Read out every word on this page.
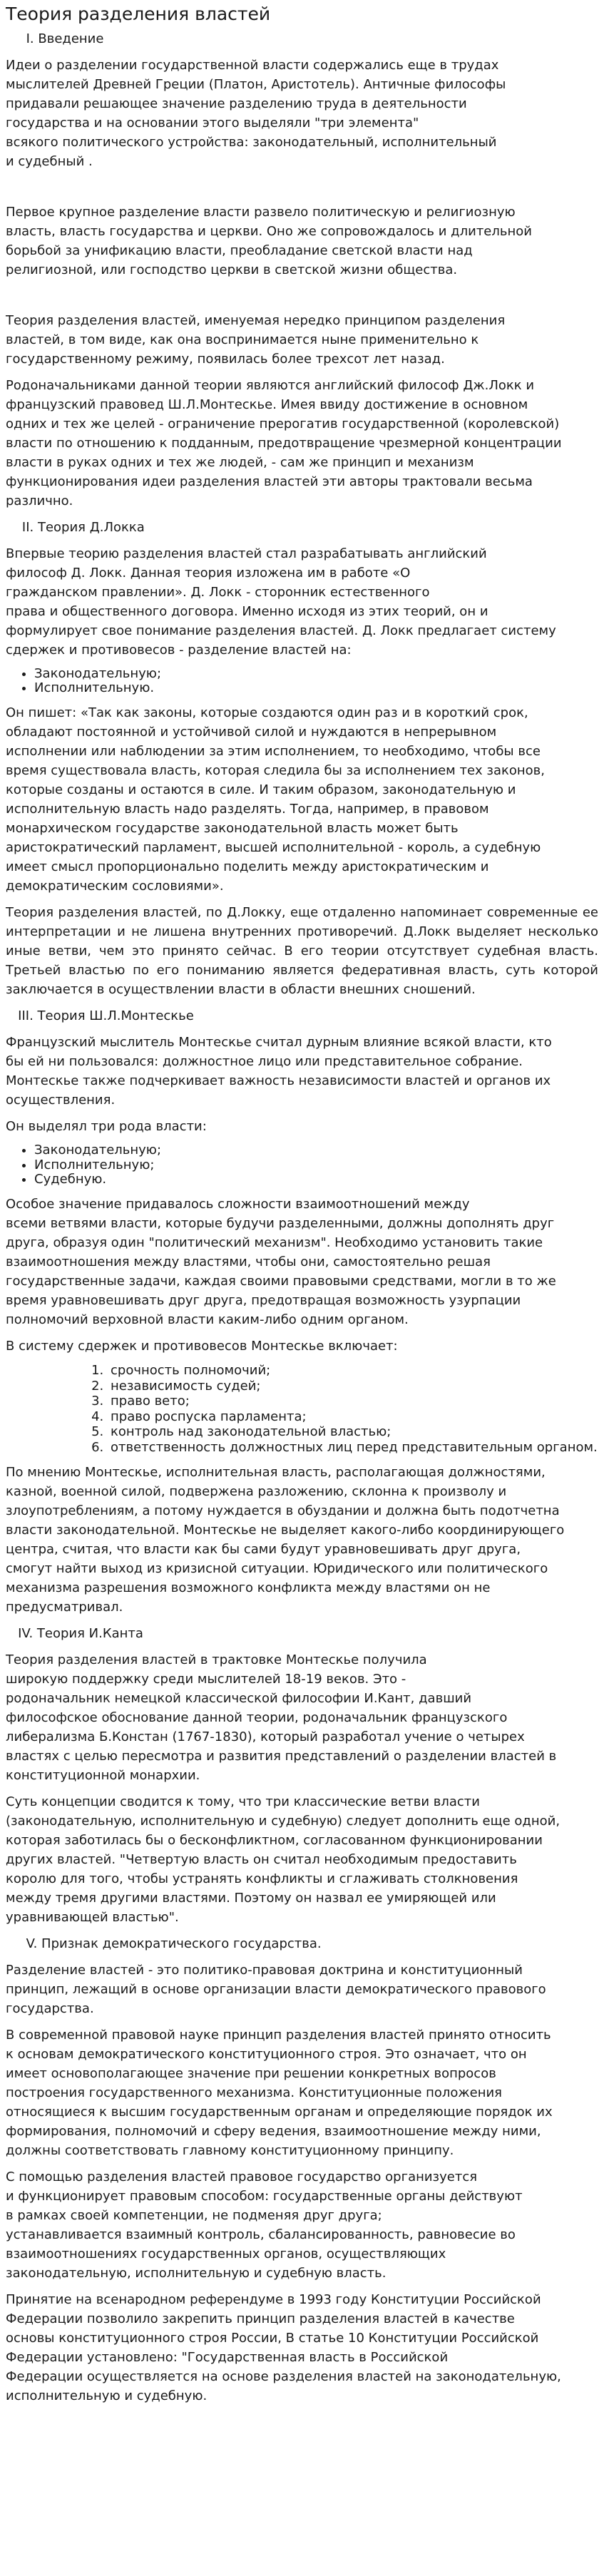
Теория разделения властей
I. Введение

Идеи о разделении государственной власти содержались еще в трудах
мыслителей Древней Греции (Платон, Аристотель). Античные философы
придавали решающее значение разделению труда в деятельности
государства и на основании этого выделяли "три элемента"
всякого политического устройства: законодательный, исполнительный
и судебный .

Первое крупное разделение власти развело политическую и религиозную
власть, власть государства и церкви. Оно же сопровождалось и длительной
борьбой за унификацию власти, преобладание светской власти над
религиозной, или господство церкви в светской жизни общества.

Теория разделения властей, именуемая нередко принципом разделения
властей, в том виде, как она воспринимается ныне применительно к
государственному режиму, появилась более трехсот лет назад.

Родоначальниками данной теории являются английский философ Дж.Локк и
французский правовед Ш.Л.Монтескье. Имея ввиду достижение в основном
одних и тех же целей - ограничение прерогатив государственной (королевской)
власти по отношению к подданным, предотвращение чрезмерной концентрации
власти в руках одних и тех же людей, - сам же принцип и механизм
функционирования идеи разделения властей эти авторы трактовали весьма
различно.

II. Теория Д.Локка

Впервые теорию разделения властей стал разрабатывать английский
философ Д. Локк. Данная теория изложена им в работе «О
гражданском правлении». Д. Локк - сторонник естественного
права и общественного договора. Именно исходя из этих теорий, он и
формулирует свое понимание разделения властей. Д. Локк предлагает систему
сдержек и противовесов - разделение властей на:

• Законодательную;
• Исполнительную.

Он пишет: «Так как законы, которые создаются один раз и в короткий срок,
обладают постоянной и устойчивой силой и нуждаются в непрерывном
исполнении или наблюдении за этим исполнением, то необходимо, чтобы все
время существовала власть, которая следила бы за исполнением тех законов,
которые созданы и остаются в силе. И таким образом, законодательную и
исполнительную власть надо разделять. Тогда, например, в правовом
монархическом государстве законодательной власть может быть
аристократический парламент, высшей исполнительной - король, а судебную
имеет смысл пропорционально поделить между аристократическим и
демократическим сословиями».

Теория разделения властей, по Д.Локку, еще отдаленно напоминает современные ее интерпретации и не лишена внутренних противоречий. Д.Локк выделяет несколько иные ветви, чем это принято сейчас. В его теории отсутствует судебная власть. Третьей властью по его пониманию является федеративная власть, суть которой заключается в осуществлении власти в области внешних сношений.

III. Теория Ш.Л.Монтескье

Французский мыслитель Монтескье считал дурным влияние всякой власти, кто
бы ей ни пользовался: должностное лицо или представительное собрание.
Монтескье также подчеркивает важность независимости властей и органов их
осуществления.

Он выделял три рода власти:

• Законодательную;
• Исполнительную;
• Судебную.

Особое значение придавалось сложности взаимоотношений между
всеми ветвями власти, которые будучи разделенными, должны дополнять друг
друга, образуя один "политический механизм". Необходимо установить такие
взаимоотношения между властями, чтобы они, самостоятельно решая
государственные задачи, каждая своими правовыми средствами, могли в то же
время уравновешивать друг друга, предотвращая возможность узурпации
полномочий верховной власти каким-либо одним органом.

В систему сдержек и противовесов Монтескье включает:

1. срочность полномочий;
2. независимость судей;
3. право вето;
4. право роспуска парламента;
5. контроль над законодательной властью;
6. ответственность должностных лиц перед представительным органом.

По мнению Монтескье, исполнительная власть, располагающая должностями,
казной, военной силой, подвержена разложению, склонна к произволу и
злоупотреблениям, а потому нуждается в обуздании и должна быть подотчетна
власти законодательной. Монтескье не выделяет какого-либо координирующего
центра, считая, что власти как бы сами будут уравновешивать друг друга,
смогут найти выход из кризисной ситуации. Юридического или политического
механизма разрешения возможного конфликта между властями он не
предусматривал.

IV. Теория И.Канта

Теория разделения властей в трактовке Монтескье получила
широкую поддержку среди мыслителей 18-19 веков. Это -
родоначальник немецкой классической философии И.Кант, давший
философское обоснование данной теории, родоначальник французского
либерализма Б.Констан (1767-1830), который разработал учение о четырех
властях с целью пересмотра и развития представлений о разделении властей в
конституционной монархии.

Суть концепции сводится к тому, что три классические ветви власти
(законодательную, исполнительную и судебную) следует дополнить еще одной,
которая заботилась бы о бесконфликтном, согласованном функционировании
других властей. "Четвертую власть он считал необходимым предоставить
королю для того, чтобы устранять конфликты и сглаживать столкновения
между тремя другими властями. Поэтому он назвал ее умиряющей или
уравнивающей властью".

V. Признак демократического государства.

Разделение властей - это политико-правовая доктрина и конституционный
принцип, лежащий в основе организации власти демократического правового
государства.

В современной правовой науке принцип разделения властей принято относить
к основам демократического конституционного строя. Это означает, что он
имеет основополагающее значение при решении конкретных вопросов
построения государственного механизма. Конституционные положения
относящиеся к высшим государственным органам и определяющие порядок их
формирования, полномочий и сферу ведения, взаимоотношение между ними,
должны соответствовать главному конституционному принципу.

С помощью разделения властей правовое государство организуется
и функционирует правовым способом: государственные органы действуют
в рамках своей компетенции, не подменяя друг друга;
устанавливается взаимный контроль, сбалансированность, равновесие во
взаимоотношениях государственных органов, осуществляющих
законодательную, исполнительную и судебную власть.

Принятие на всенародном референдуме в 1993 году Конституции Российской
Федерации позволило закрепить принцип разделения властей в качестве
основы конституционного строя России, В статье 10 Конституции Российской
Федерации установлено: "Государственная власть в Российской
Федерации осуществляется на основе разделения властей на законодательную,
исполнительную и судебную.
